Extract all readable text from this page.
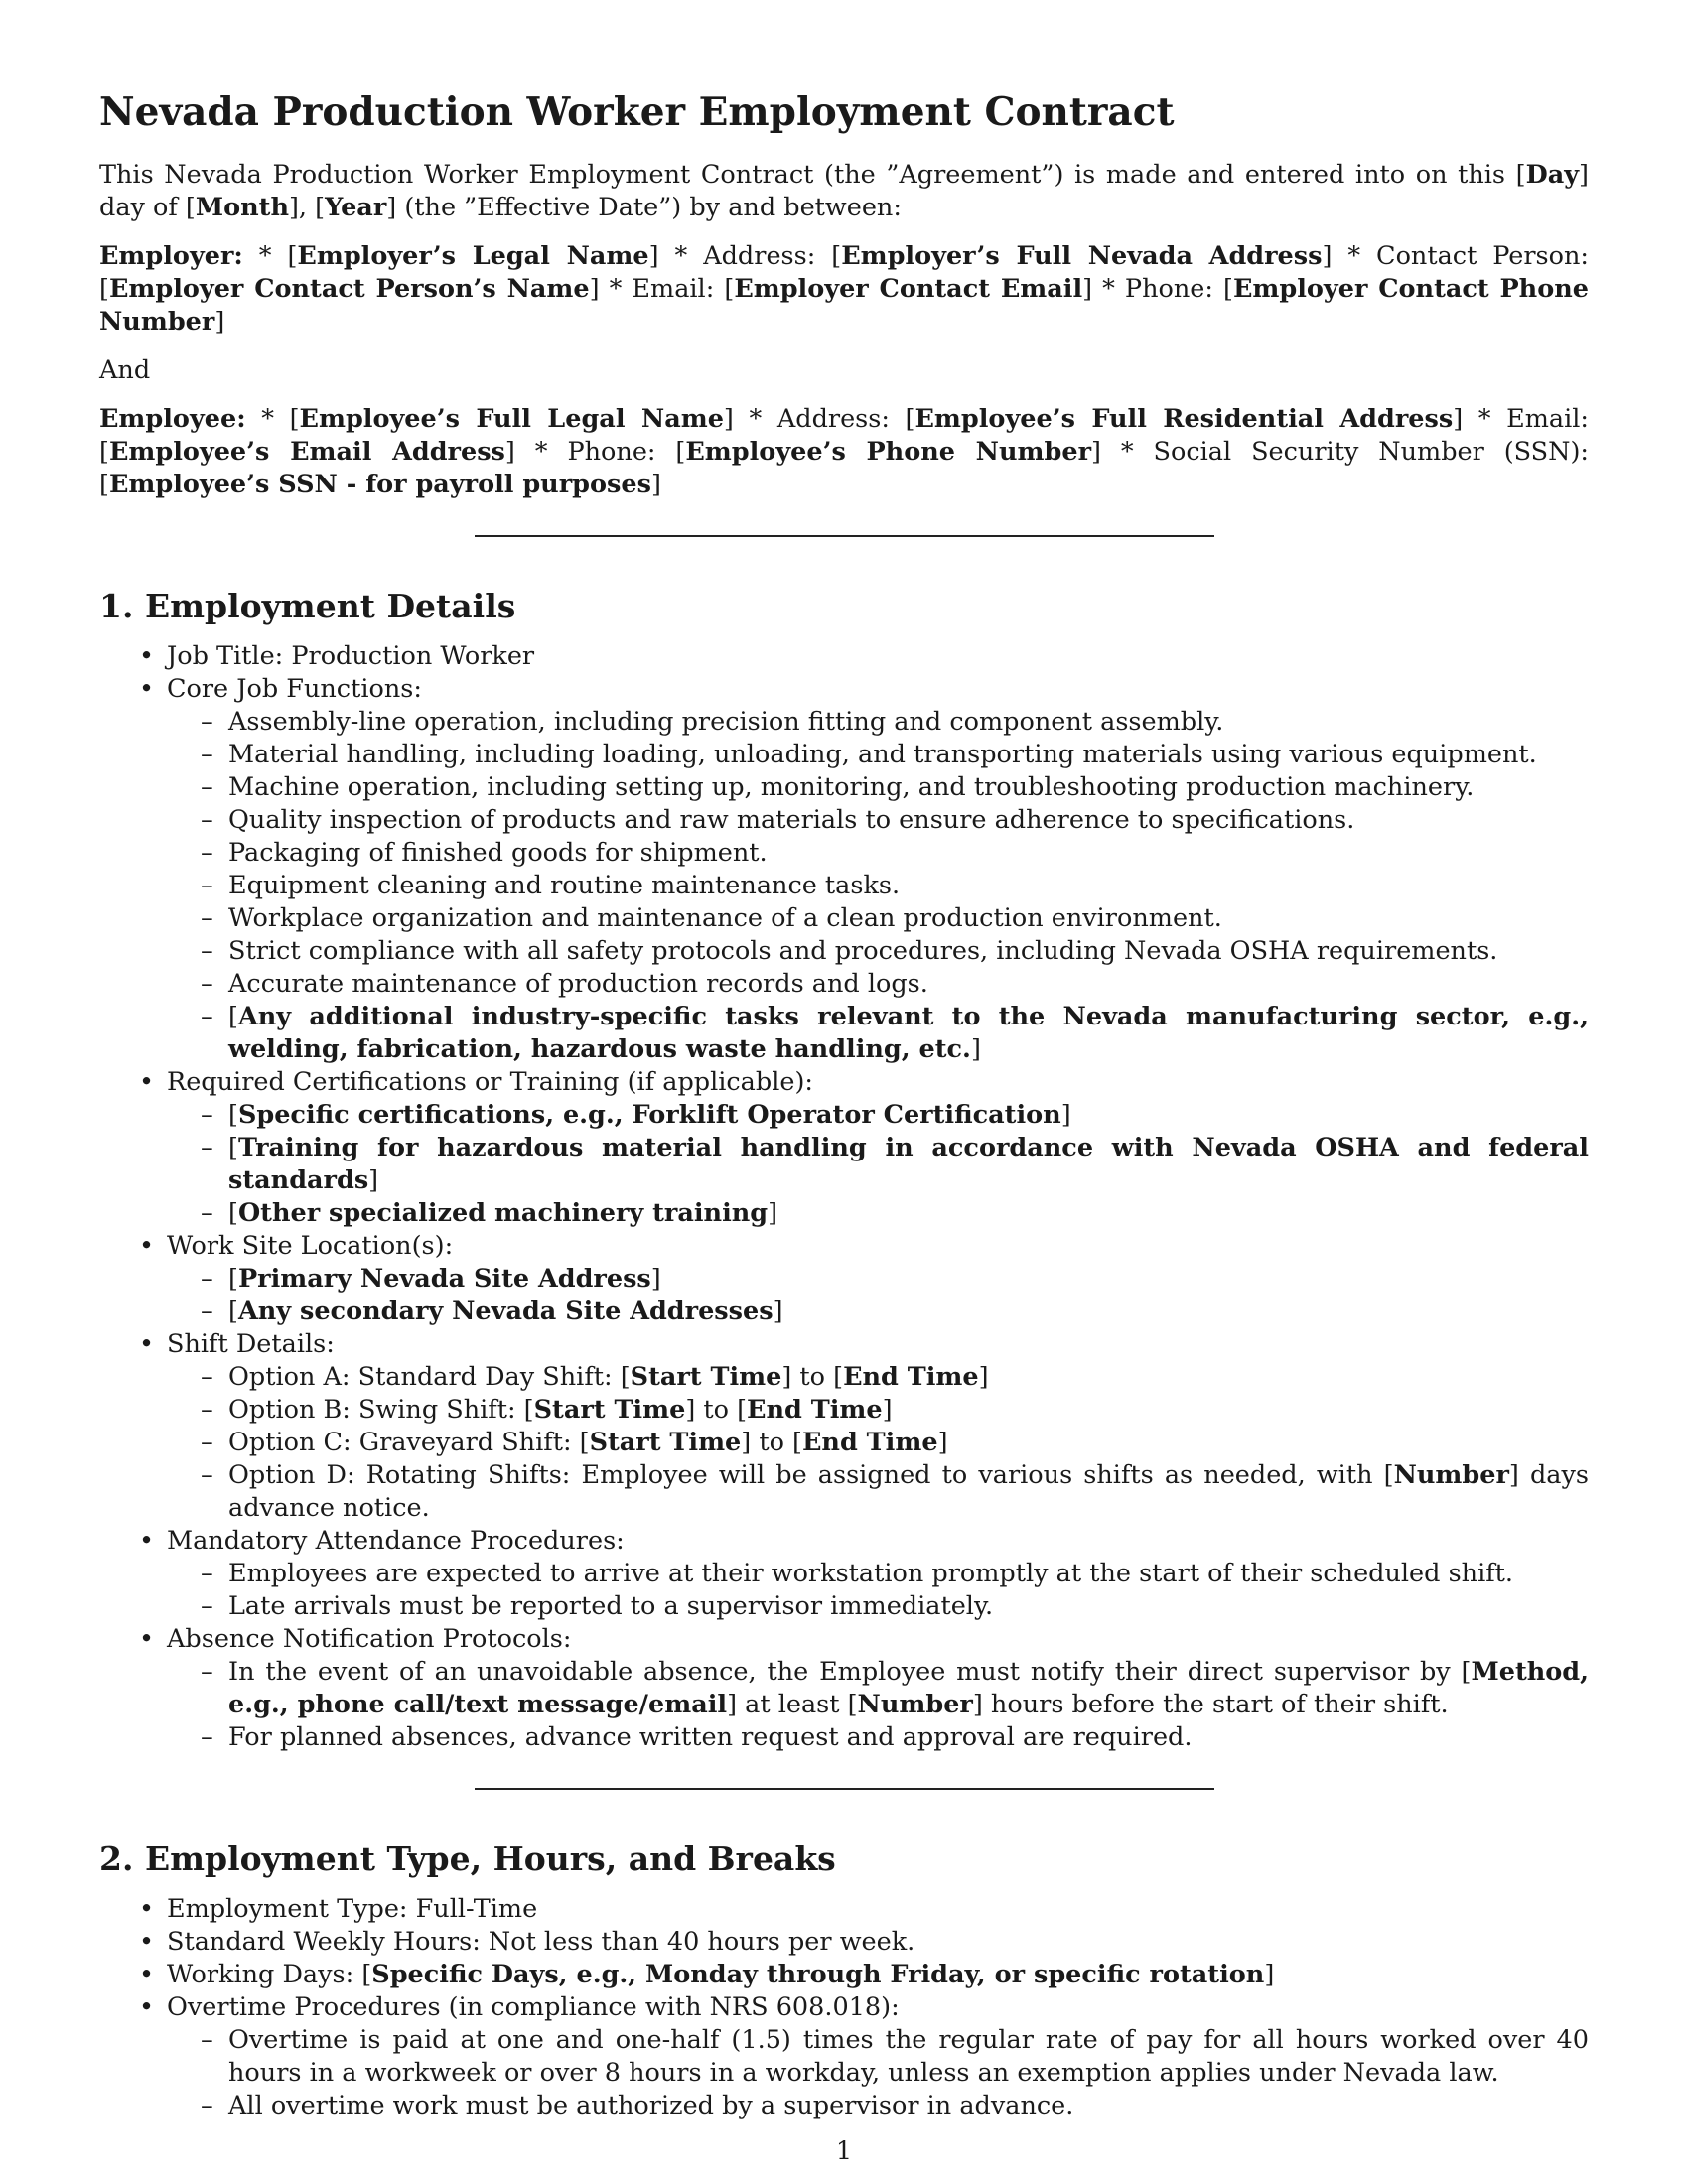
Nevada Production Worker Employment Contract

This Nevada Production Worker Employment Contract (the ”Agreement”) is made and entered into on this [Day] day of [Month], [Year] (the ”Effective Date”) by and between:

Employer: * [Employer’s Legal Name] * Address: [Employer’s Full Nevada Address] * Contact Person: [Employer Contact Person’s Name] * Email: [Employer Contact Email] * Phone: [Employer Contact Phone Number]

And

Employee: * [Employee’s Full Legal Name] * Address: [Employee’s Full Residential Address] * Email: [Employee’s Email Address] * Phone: [Employee’s Phone Number] * Social Security Number (SSN): [Employee’s SSN - for payroll purposes]

1. Employment Details
• Job Title: Production Worker
• Core Job Functions:
– Assembly-line operation, including precision fitting and component assembly.
– Material handling, including loading, unloading, and transporting materials using various equipment.
– Machine operation, including setting up, monitoring, and troubleshooting production machinery.
– Quality inspection of products and raw materials to ensure adherence to specifications.
– Packaging of finished goods for shipment.
– Equipment cleaning and routine maintenance tasks.
– Workplace organization and maintenance of a clean production environment.
– Strict compliance with all safety protocols and procedures, including Nevada OSHA requirements.
– Accurate maintenance of production records and logs.
– [Any additional industry-specific tasks relevant to the Nevada manufacturing sector, e.g., welding, fabrication, hazardous waste handling, etc.]
• Required Certifications or Training (if applicable):
– [Specific certifications, e.g., Forklift Operator Certification]
– [Training for hazardous material handling in accordance with Nevada OSHA and federal standards]
– [Other specialized machinery training]
• Work Site Location(s):
– [Primary Nevada Site Address]
– [Any secondary Nevada Site Addresses]
• Shift Details:
– Option A: Standard Day Shift: [Start Time] to [End Time]
– Option B: Swing Shift: [Start Time] to [End Time]
– Option C: Graveyard Shift: [Start Time] to [End Time]
– Option D: Rotating Shifts: Employee will be assigned to various shifts as needed, with [Number] days advance notice.
• Mandatory Attendance Procedures:
– Employees are expected to arrive at their workstation promptly at the start of their scheduled shift.
– Late arrivals must be reported to a supervisor immediately.
• Absence Notification Protocols:
– In the event of an unavoidable absence, the Employee must notify their direct supervisor by [Method, e.g., phone call/text message/email] at least [Number] hours before the start of their shift.
– For planned absences, advance written request and approval are required.
2. Employment Type, Hours, and Breaks
• Employment Type: Full-Time
• Standard Weekly Hours: Not less than 40 hours per week.
• Working Days: [Specific Days, e.g., Monday through Friday, or specific rotation]
• Overtime Procedures (in compliance with NRS 608.018):
– Overtime is paid at one and one-half (1.5) times the regular rate of pay for all hours worked over 40 hours in a workweek or over 8 hours in a workday, unless an exemption applies under Nevada law.
– All overtime work must be authorized by a supervisor in advance.
1
